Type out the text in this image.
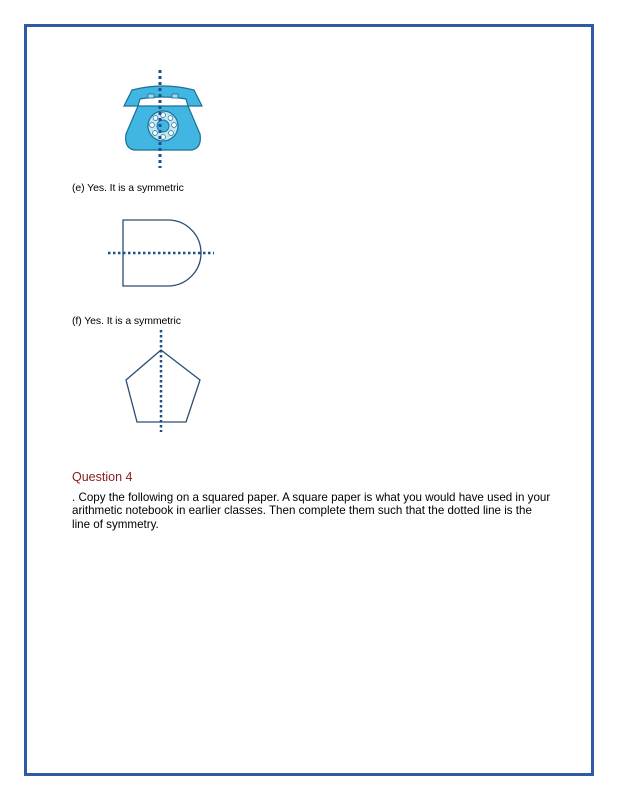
(e) Yes. It is a symmetric
(f) Yes. It is a symmetric
Question 4
. Copy the following on a squared paper. A square paper is what you would have used in your arithmetic notebook in earlier classes. Then complete them such that the dotted line is the line of symmetry.
